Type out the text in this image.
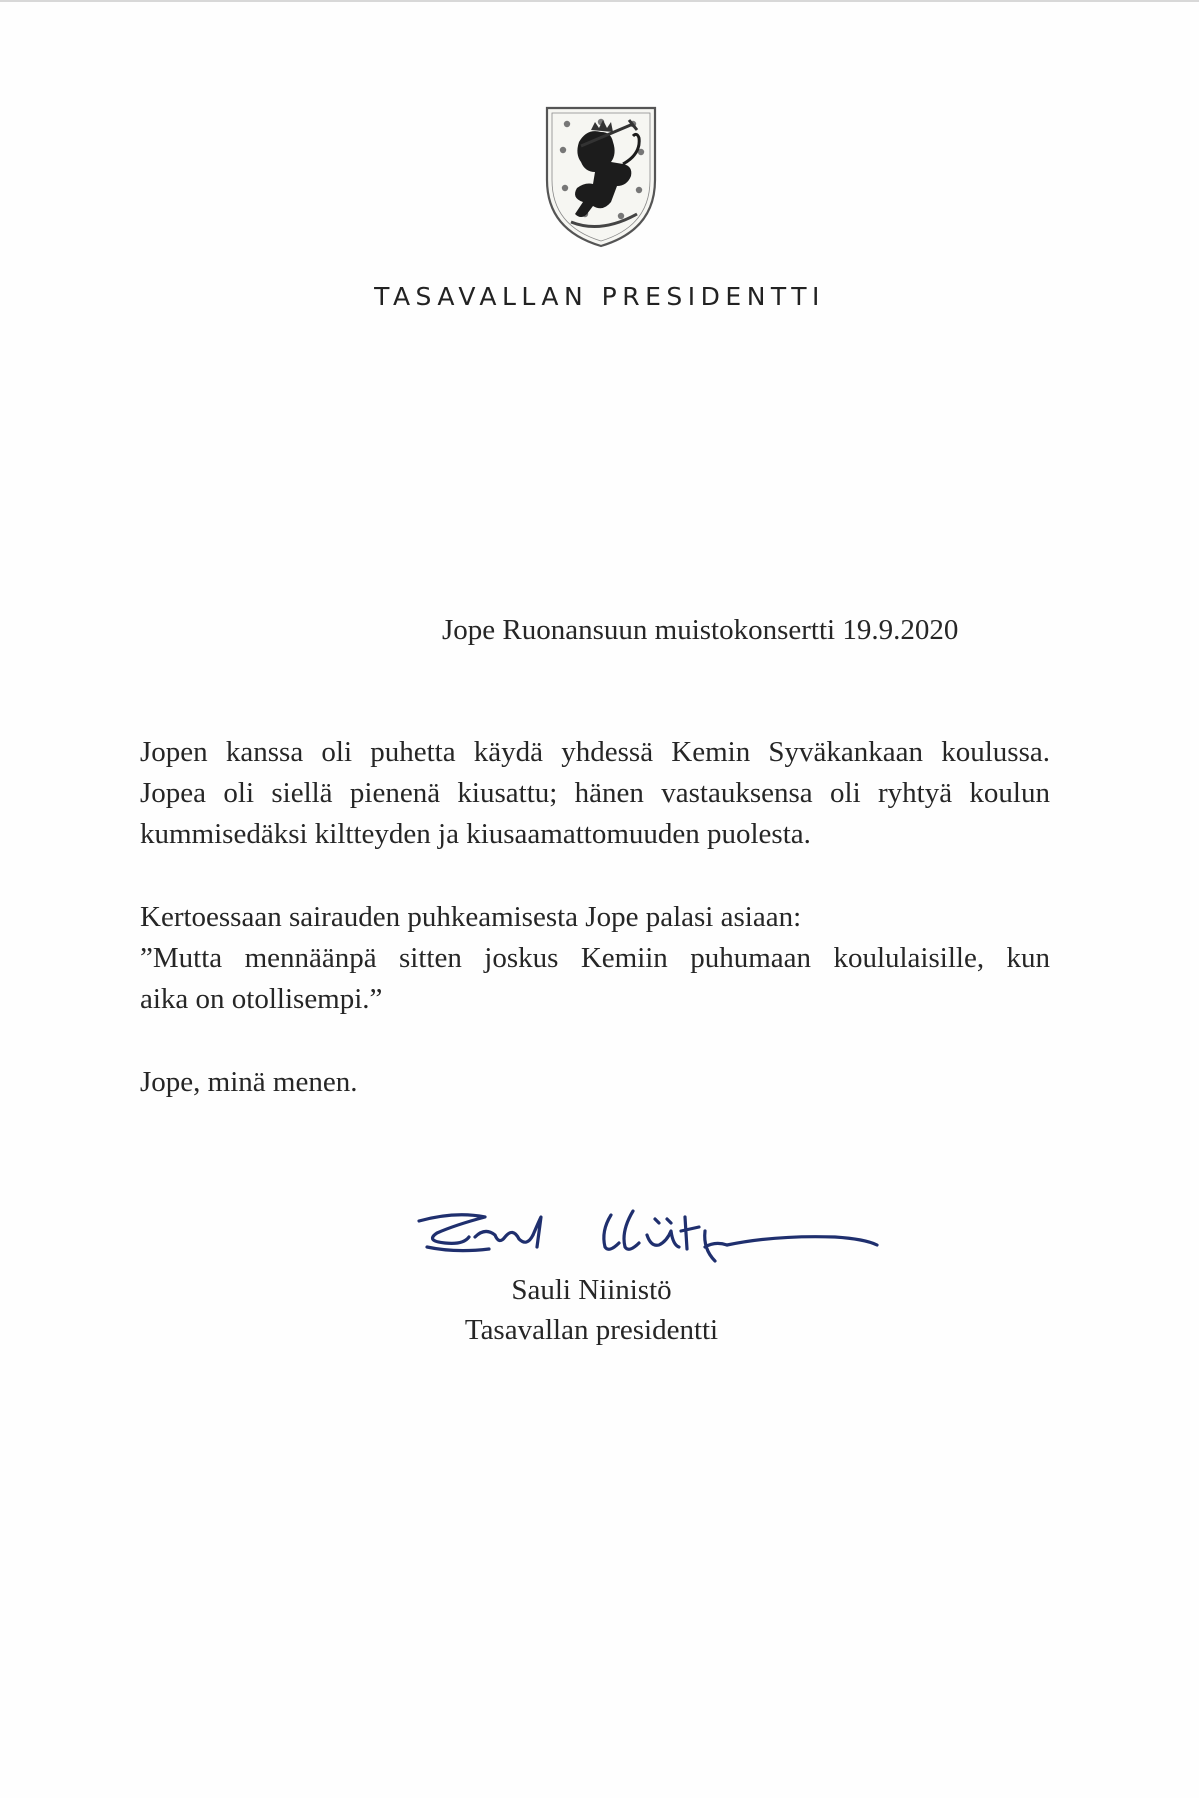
TASAVALLAN PRESIDENTTI
Jope Ruonansuun muistokonsertti 19.9.2020
Jopen kanssa oli puhetta käydä yhdessä Kemin Syväkankaan koulussa.
Jopea oli siellä pienenä kiusattu; hänen vastauksensa oli ryhtyä koulun
kummisedäksi kiltteyden ja kiusaamattomuuden puolesta.
Kertoessaan sairauden puhkeamisesta Jope palasi asiaan:
”Mutta mennäänpä sitten joskus Kemiin puhumaan koululaisille, kun
aika on otollisempi.”
Jope, minä menen.
Sauli Niinistö
Tasavallan presidentti
